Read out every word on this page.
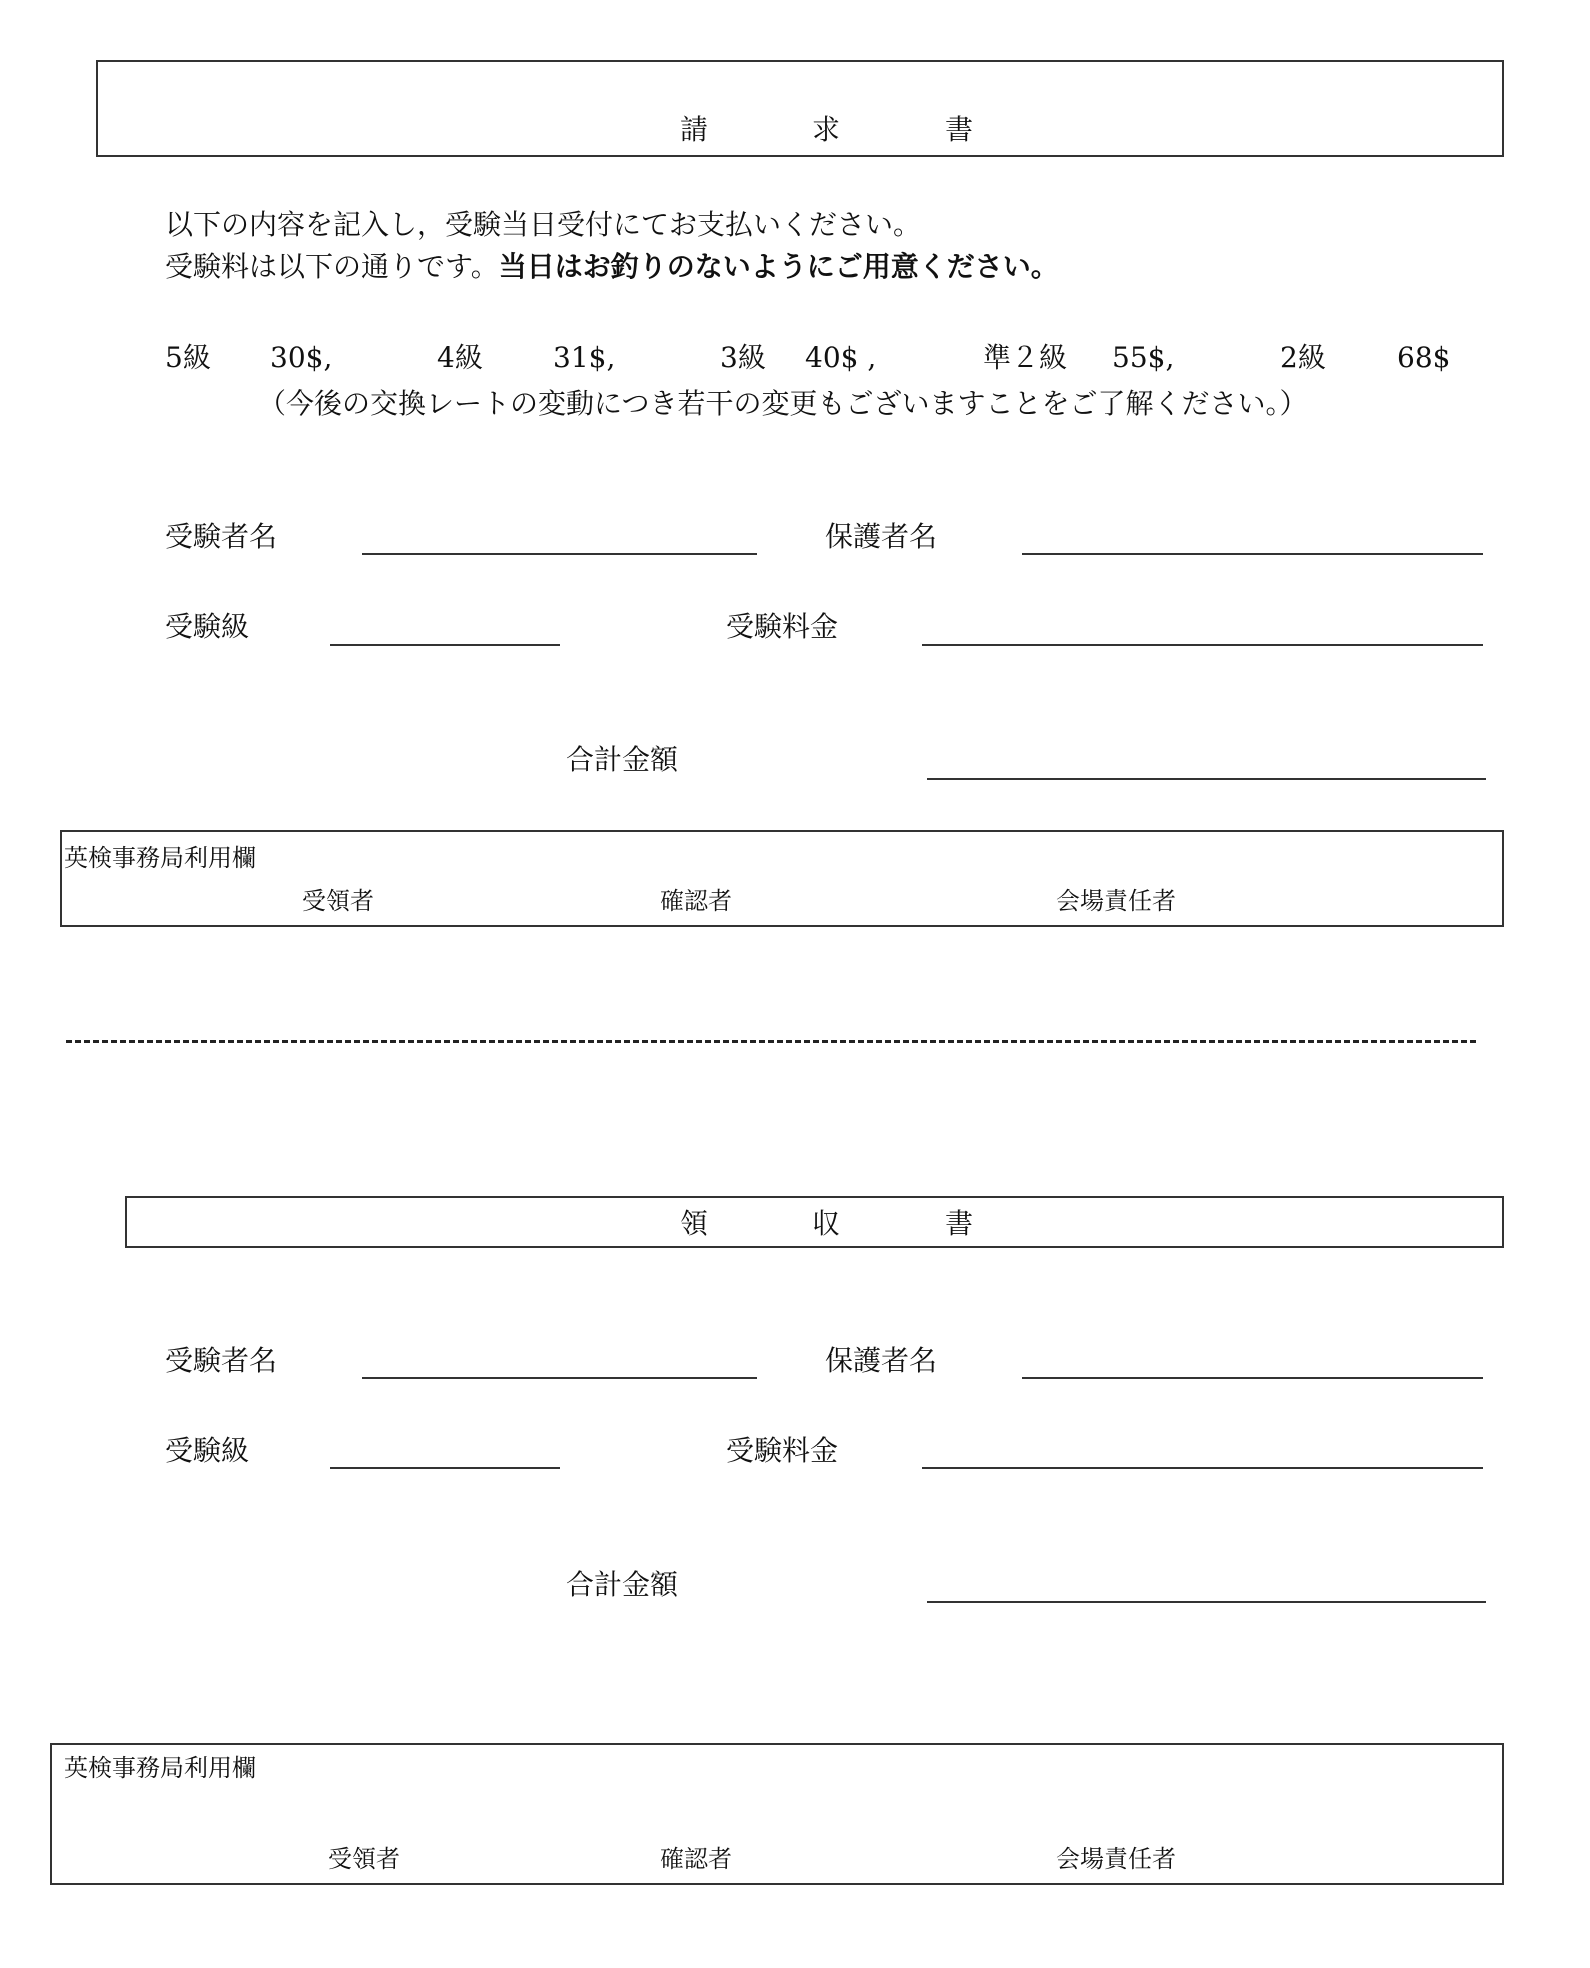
請	求	書
以下の内容を記入し，受験当日受付にてお支払いください。
受験料は以下の通りです。当日はお釣りのないようにご用意ください。
5級 30$,	4級	31$,	3級 40$ ,	準２級 55$,	2級	68$
（今後の交換レートの変動につき若干の変更もございますことをご了解ください。）
受験者名	保護者名
受験級	受験料金
合計金額
英検事務局利用欄
受領者	確認者	会場責任者
領	収	書
受験者名	保護者名
受験級	受験料金
合計金額
英検事務局利用欄
受領者	確認者	会場責任者
